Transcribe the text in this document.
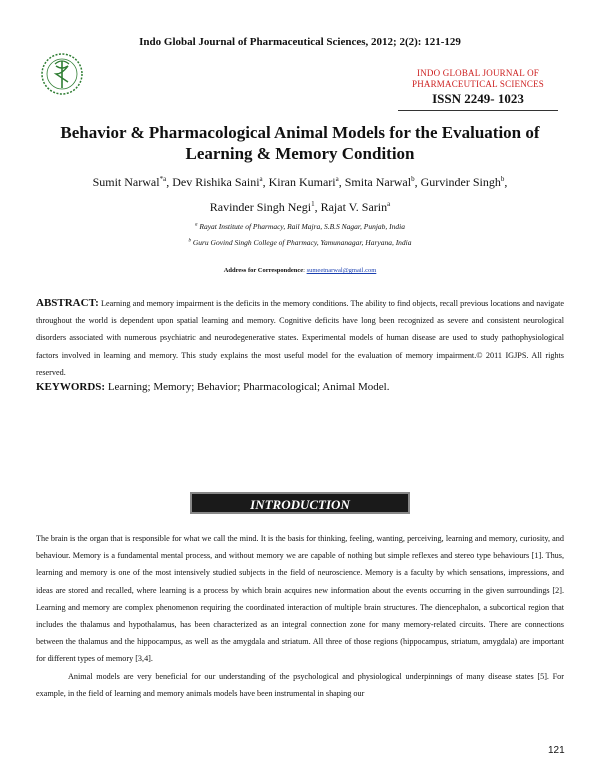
Indo Global Journal of Pharmaceutical Sciences, 2012; 2(2): 121-129
INDO GLOBAL JOURNAL OF
PHARMACEUTICAL SCIENCES
ISSN 2249- 1023
Behavior & Pharmacological Animal Models for the Evaluation of
Learning & Memory Condition
Sumit Narwal$^{*a}$, Dev Rishika Saini$^a$, Kiran Kumari$^a$, Smita Narwal$^b$, Gurvinder Singh$^b$,
Ravinder Singh Negi$^1$, Rajat V. Sarin$^a$
$^a$ Rayat Institute of Pharmacy, Rail Majra, S.B.S Nagar, Punjab, India
$^b$ Guru Govind Singh College of Pharmacy, Yamunanagar, Haryana, India
Address for Correspondence: sumeetnarwal@gmail.com
ABSTRACT: Learning and memory impairment is the deficits in the memory conditions. The ability to find objects, recall previous locations and navigate throughout the world is dependent upon spatial learning and memory. Cognitive deficits have long been recognized as severe and consistent neurological disorders associated with numerous psychiatric and neurodegenerative states. Experimental models of human disease are used to study pathophysiological factors involved in learning and memory. This study explains the most useful model for the evaluation of memory impairment.© 2011 IGJPS. All rights reserved.
KEYWORDS: Learning; Memory; Behavior; Pharmacological; Animal Model.
INTRODUCTION

The brain is the organ that is responsible for what we call the mind. It is the basis for thinking, feeling, wanting, perceiving, learning and memory, curiosity, and behaviour. Memory is a fundamental mental process, and without memory we are capable of nothing but simple reflexes and stereo type behaviours [1]. Thus, learning and memory is one of the most intensively studied subjects in the field of neuroscience. Memory is a faculty by which sensations, impressions, and ideas are stored and recalled, where learning is a process by which brain acquires new information about the events occurring in the given surroundings [2]. Learning and memory are complex phenomenon requiring the coordinated interaction of multiple brain structures. The diencephalon, a subcortical region that includes the thalamus and hypothalamus, has been characterized as an integral connection zone for many memory-related circuits. There are connections between the thalamus and the hippocampus, as well as the amygdala and striatum. All three of those regions (hippocampus, striatum, amygdala) are important for different types of memory [3,4].

Animal models are very beneficial for our understanding of the psychological and physiological underpinnings of many disease states [5]. For example, in the field of learning and memory animals models have been instrumental in shaping our

121
